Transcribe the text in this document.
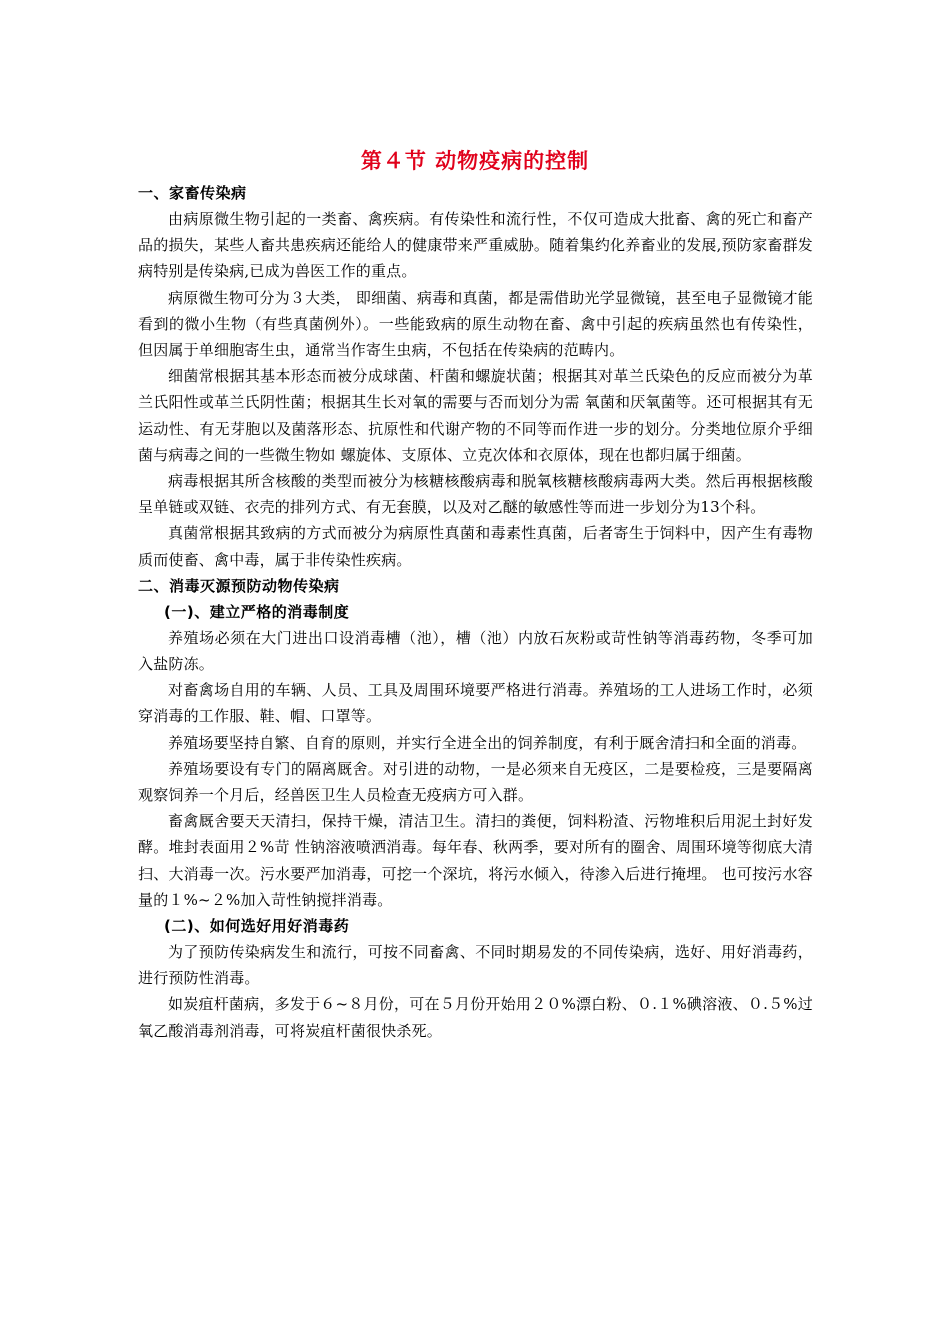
第４节 动物疫病的控制
一、家畜传染病

由病原微生物引起的一类畜、禽疾病。有传染性和流行性，不仅可造成大批畜、禽的死亡和畜产品的损失，某些人畜共患疾病还能给人的健康带来严重威胁。随着集约化养畜业的发展,预防家畜群发病特别是传染病,已成为兽医工作的重点。

病原微生物可分为３大类， 即细菌、病毒和真菌，都是需借助光学显微镜，甚至电子显微镜才能看到的微小生物（有些真菌例外）。一些能致病的原生动物在畜、禽中引起的疾病虽然也有传染性，但因属于单细胞寄生虫，通常当作寄生虫病，不包括在传染病的范畴内。

细菌常根据其基本形态而被分成球菌、杆菌和螺旋状菌；根据其对革兰氏染色的反应而被分为革兰氏阳性或革兰氏阴性菌；根据其生长对氧的需要与否而划分为需 氧菌和厌氧菌等。还可根据其有无运动性、有无芽胞以及菌落形态、抗原性和代谢产物的不同等而作进一步的划分。分类地位原介乎细菌与病毒之间的一些微生物如 螺旋体、支原体、立克次体和衣原体，现在也都归属于细菌。

病毒根据其所含核酸的类型而被分为核糖核酸病毒和脱氧核糖核酸病毒两大类。然后再根据核酸呈单链或双链、衣壳的排列方式、有无套膜，以及对乙醚的敏感性等而进一步划分为13个科。

真菌常根据其致病的方式而被分为病原性真菌和毒素性真菌，后者寄生于饲料中，因产生有毒物质而使畜、禽中毒，属于非传染性疾病。

二、消毒灭源预防动物传染病
(一)、建立严格的消毒制度

养殖场必须在大门进出口设消毒槽（池），槽（池）内放石灰粉或苛性钠等消毒药物，冬季可加入盐防冻。

对畜禽场自用的车辆、人员、工具及周围环境要严格进行消毒。养殖场的工人进场工作时，必须穿消毒的工作服、鞋、帽、口罩等。

养殖场要坚持自繁、自育的原则，并实行全进全出的饲养制度，有利于厩舍清扫和全面的消毒。

养殖场要设有专门的隔离厩舍。对引进的动物，一是必须来自无疫区，二是要检疫，三是要隔离观察饲养一个月后，经兽医卫生人员检查无疫病方可入群。

畜禽厩舍要天天清扫，保持干燥，清洁卫生。清扫的粪便，饲料粉渣、污物堆积后用泥土封好发酵。堆封表面用２%苛 性钠溶液喷洒消毒。每年春、秋两季，要对所有的圈舍、周围环境等彻底大清扫、大消毒一次。污水要严加消毒，可挖一个深坑，将污水倾入，待渗入后进行掩埋。 也可按污水容量的１%~２%加入苛性钠搅拌消毒。

(二)、如何选好用好消毒药

为了预防传染病发生和流行，可按不同畜禽、不同时期易发的不同传染病，选好、用好消毒药，进行预防性消毒。

如炭疽杆菌病，多发于６~８月份，可在５月份开始用２０%漂白粉、０.１%碘溶液、０.５%过氧乙酸消毒剂消毒，可将炭疽杆菌很快杀死。
